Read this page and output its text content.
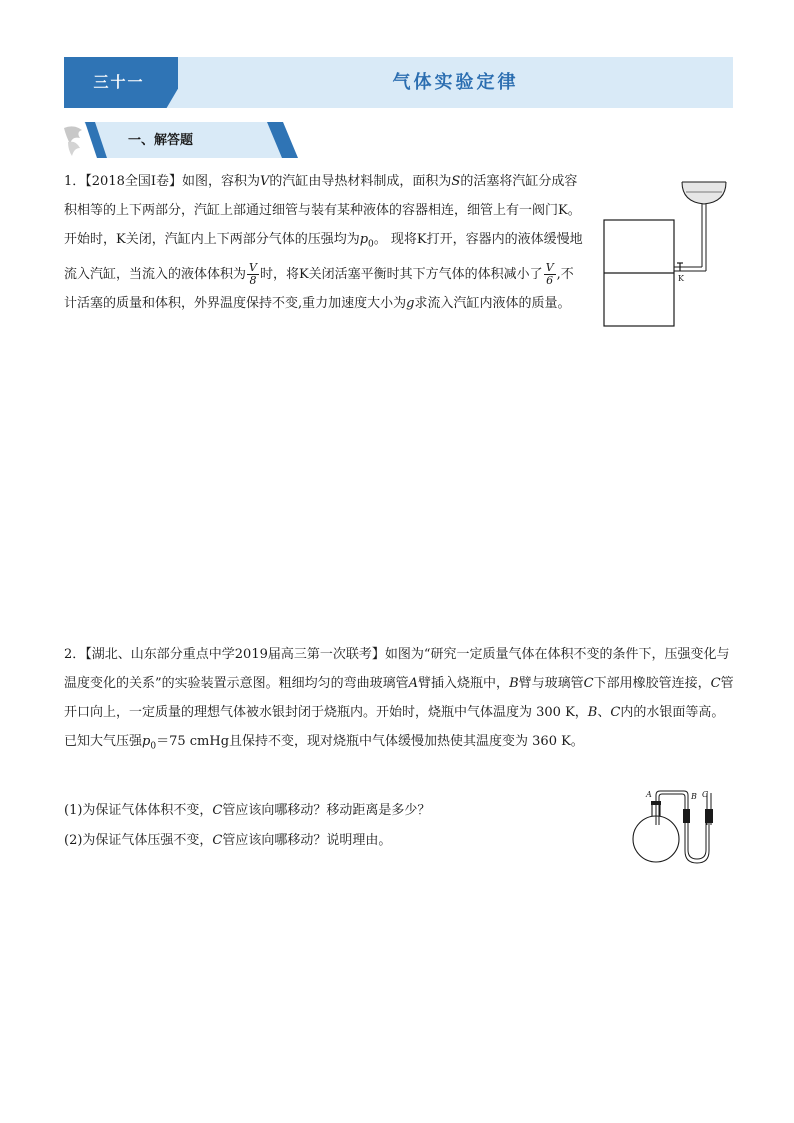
三十一	气体实验定律
一、解答题
1．【2018全国I卷】如图，容积为V的汽缸由导热材料制成，面积为S的活塞将汽缸分成容积相等的上下两部分，汽缸上部通过细管与装有某种液体的容器相连，细管上有一阀门K。开始时，K关闭，汽缸内上下两部分气体的压强均为$p_0$。 现将K打开，容器内的液体缓慢地流入汽缸，当流入的液体体积为 $\frac{V}{8}$ 时，将K关闭活塞平衡时其下方气体的体积减小了 $\frac{V}{6}$ ,不计活塞的质量和体积，外界温度保持不变,重力加速度大小为g求流入汽缸内液体的质量。
K
2．【湖北、山东部分重点中学2019届高三第一次联考】如图为“研究一定质量气体在体积不变的条件下，压强变化与温度变化的关系”的实验装置示意图。粗细均匀的弯曲玻璃管A臂插入烧瓶中，B臂与玻璃管C下部用橡胶管连接，C管开口向上，一定质量的理想气体被水银封闭于烧瓶内。开始时，烧瓶中气体温度为 300 K，B、C内的水银面等高。已知大气压强$p_0=75$ cmHg且保持不变，现对烧瓶中气体缓慢加热使其温度变为 360 K。
(1)为保证气体体积不变，C管应该向哪移动？移动距离是多少？
(2)为保证气体压强不变，C管应该向哪移动？说明理由。
A	B C
